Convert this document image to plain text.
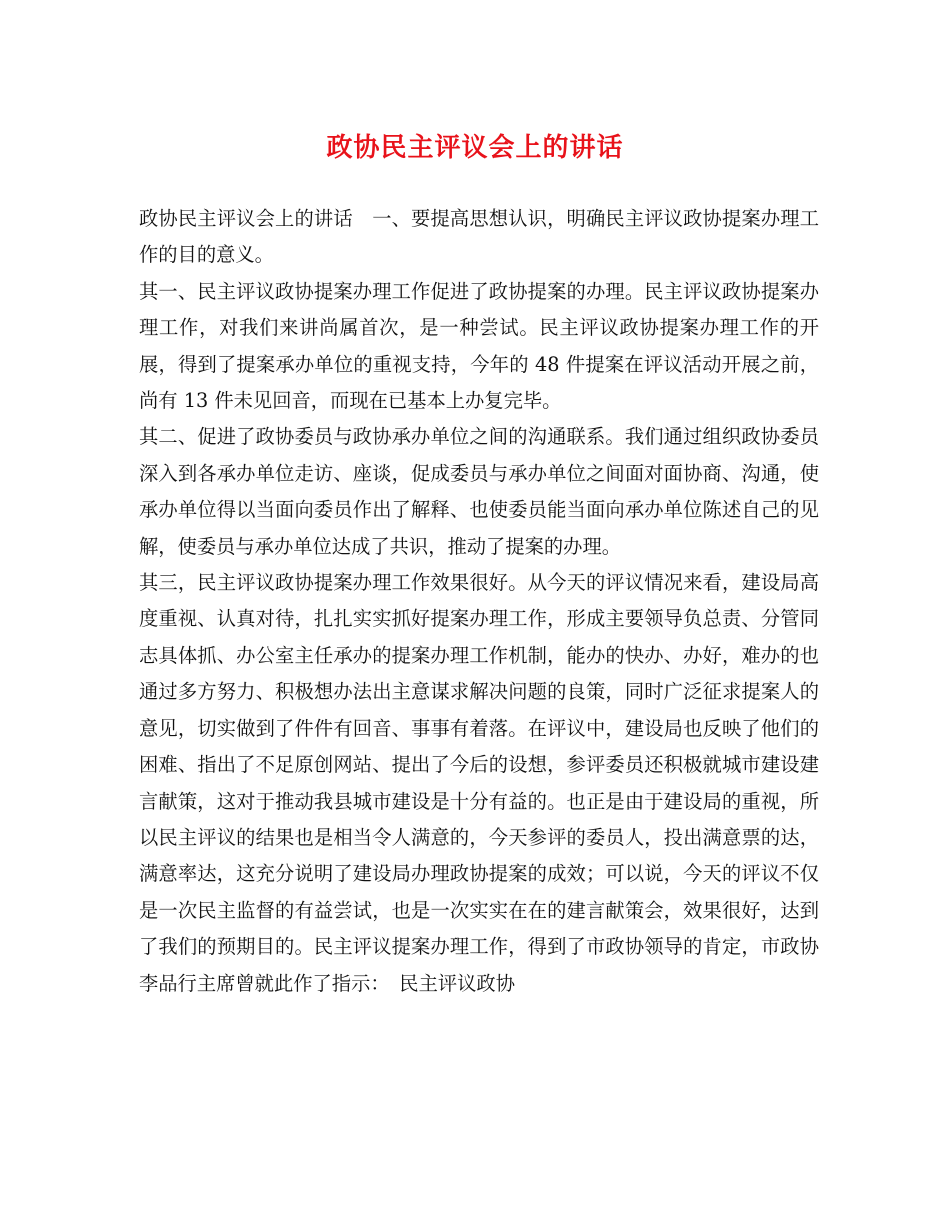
政协民主评议会上的讲话

政协民主评议会上的讲话　一、要提高思想认识，明确民主评议政协提案办理工作的目的意义。

其一、民主评议政协提案办理工作促进了政协提案的办理。民主评议政协提案办理工作，对我们来讲尚属首次，是一种尝试。民主评议政协提案办理工作的开展，得到了提案承办单位的重视支持，今年的 48 件提案在评议活动开展之前，尚有 13 件未见回音，而现在已基本上办复完毕。

其二、促进了政协委员与政协承办单位之间的沟通联系。我们通过组织政协委员深入到各承办单位走访、座谈，促成委员与承办单位之间面对面协商、沟通，使承办单位得以当面向委员作出了解释、也使委员能当面向承办单位陈述自己的见解，使委员与承办单位达成了共识，推动了提案的办理。

其三，民主评议政协提案办理工作效果很好。从今天的评议情况来看，建设局高度重视、认真对待，扎扎实实抓好提案办理工作，形成主要领导负总责、分管同志具体抓、办公室主任承办的提案办理工作机制，能办的快办、办好，难办的也通过多方努力、积极想办法出主意谋求解决问题的良策，同时广泛征求提案人的意见，切实做到了件件有回音、事事有着落。在评议中，建设局也反映了他们的困难、指出了不足原创网站、提出了今后的设想，参评委员还积极就城市建设建言献策，这对于推动我县城市建设是十分有益的。也正是由于建设局的重视，所以民主评议的结果也是相当令人满意的，今天参评的委员人，投出满意票的达，满意率达，这充分说明了建设局办理政协提案的成效；可以说，今天的评议不仅是一次民主监督的有益尝试，也是一次实实在在的建言献策会，效果很好，达到了我们的预期目的。民主评议提案办理工作，得到了市政协领导的肯定，市政协李品行主席曾就此作了指示：　民主评议政协
